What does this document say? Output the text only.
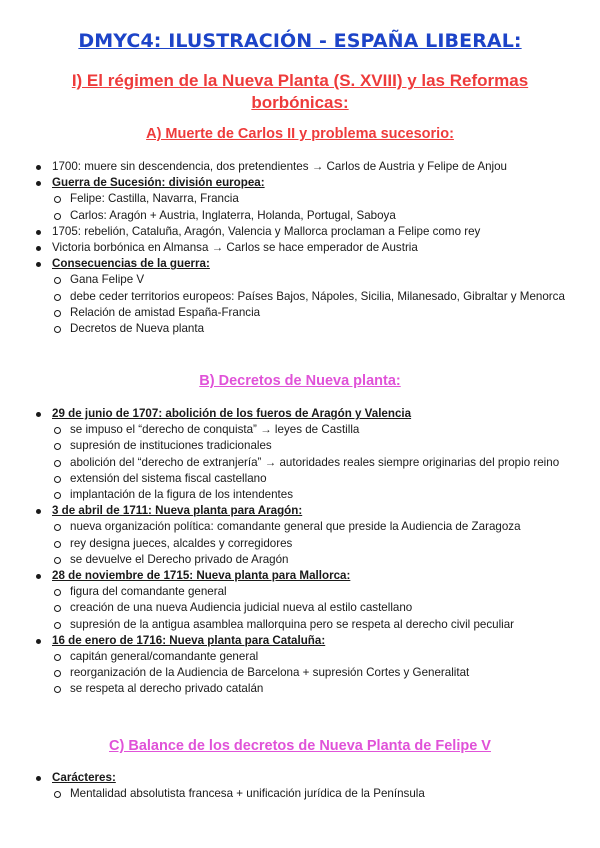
DMYC4: ILUSTRACIÓN - ESPAÑA LIBERAL:
I) El régimen de la Nueva Planta (S. XVIII) y las Reformas borbónicas:
A) Muerte de Carlos II y problema sucesorio:
1700: muere sin descendencia, dos pretendientes → Carlos de Austria y Felipe de Anjou
Guerra de Sucesión: división europea:
Felipe: Castilla, Navarra, Francia
Carlos: Aragón + Austria, Inglaterra, Holanda, Portugal, Saboya
1705: rebelión, Cataluña, Aragón, Valencia y Mallorca proclaman a Felipe como rey
Victoria borbónica en Almansa → Carlos se hace emperador de Austria
Consecuencias de la guerra:
Gana Felipe V
debe ceder territorios europeos: Países Bajos, Nápoles, Sicilia, Milanesado, Gibraltar y Menorca
Relación de amistad España-Francia
Decretos de Nueva planta
B) Decretos de Nueva planta:
29 de junio de 1707: abolición de los fueros de Aragón y Valencia
se impuso el “derecho de conquista” → leyes de Castilla
supresión de instituciones tradicionales
abolición del “derecho de extranjería” → autoridades reales siempre originarias del propio reino
extensión del sistema fiscal castellano
implantación de la figura de los intendentes
3 de abril de 1711: Nueva planta para Aragón:
nueva organización política: comandante general que preside la Audiencia de Zaragoza
rey designa jueces, alcaldes y corregidores
se devuelve el Derecho privado de Aragón
28 de noviembre de 1715: Nueva planta para Mallorca:
figura del comandante general
creación de una nueva Audiencia judicial nueva al estilo castellano
supresión de la antigua asamblea mallorquina pero se respeta al derecho civil peculiar
16 de enero de 1716: Nueva planta para Cataluña:
capitán general/comandante general
reorganización de la Audiencia de Barcelona + supresión Cortes y Generalitat
se respeta al derecho privado catalán
C) Balance de los decretos de Nueva Planta de Felipe V
Carácteres:
Mentalidad absolutista francesa + unificación jurídica de la Península
